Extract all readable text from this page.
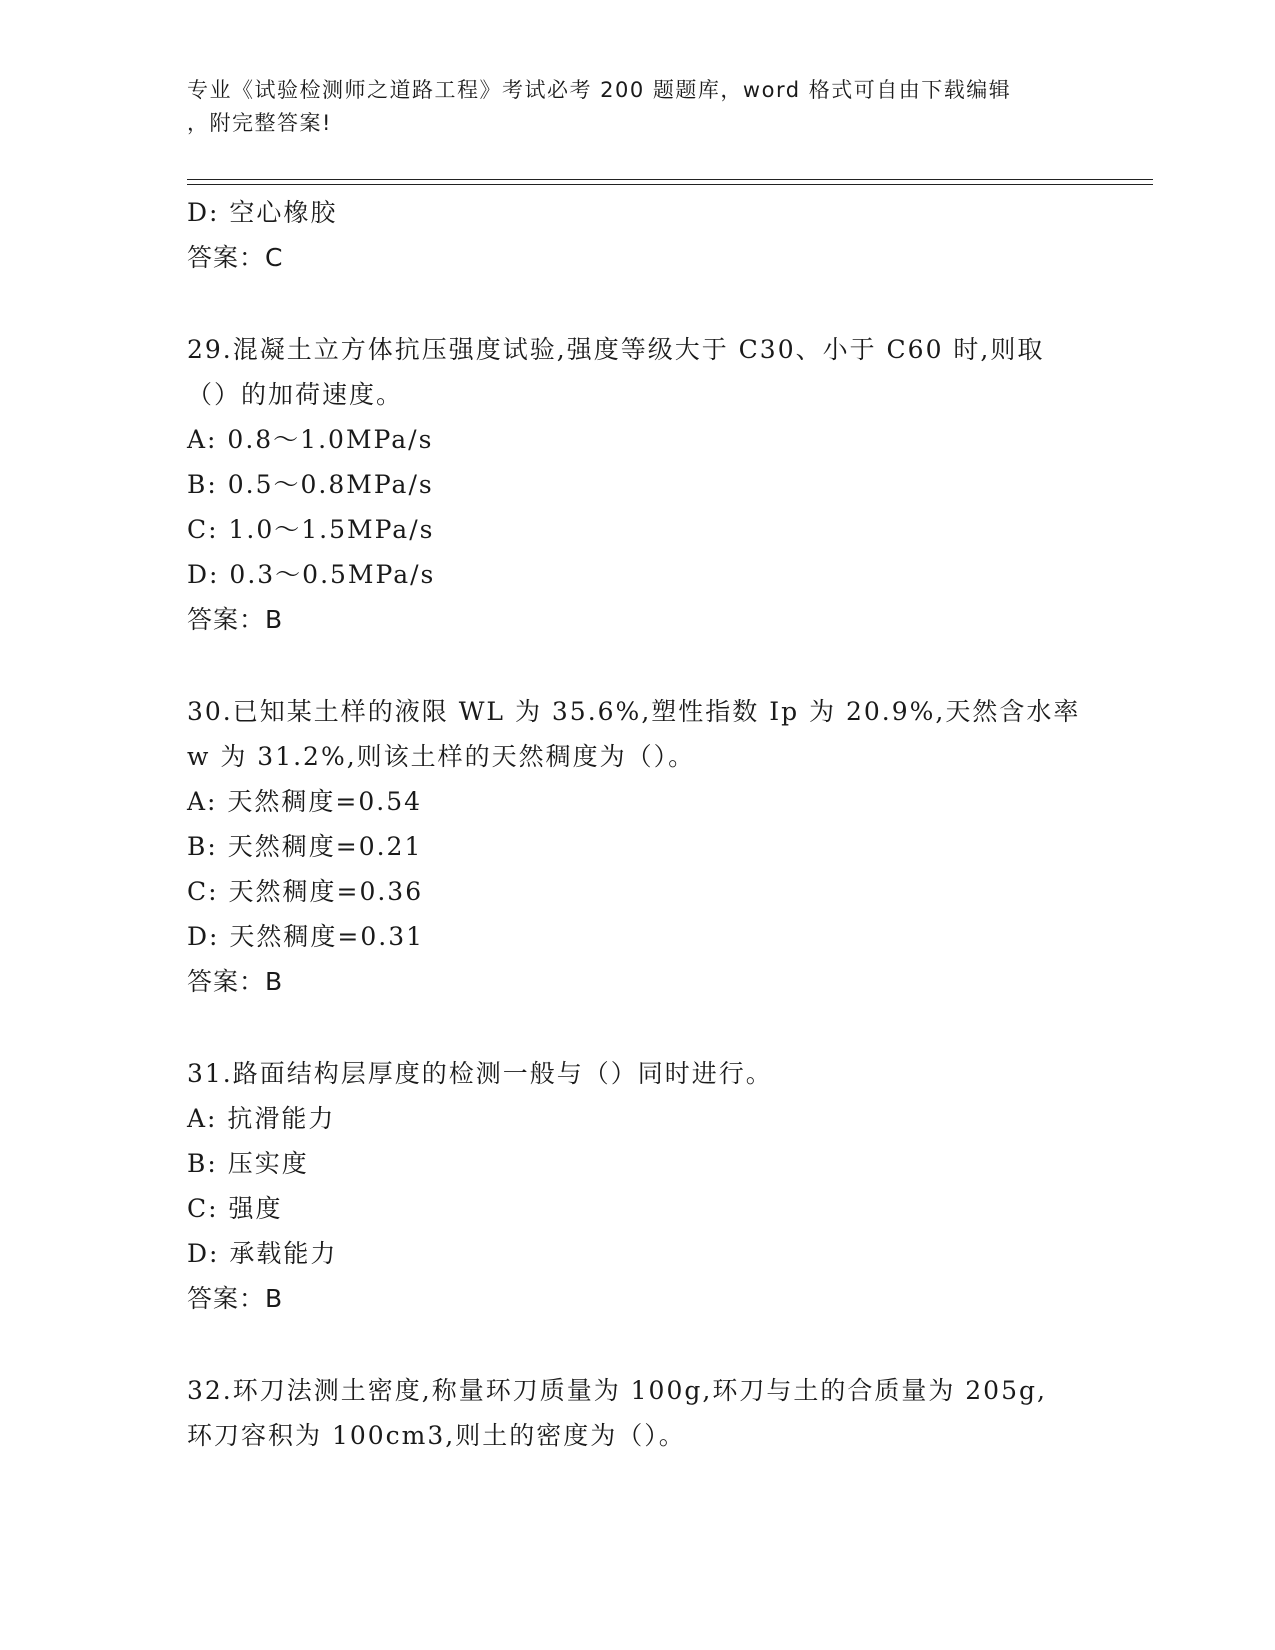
专业《试验检测师之道路工程》考试必考 200 题题库，word 格式可自由下载编辑
，附完整答案!
D: 空心橡胶
答案：C
29.混凝土立方体抗压强度试验,强度等级大于 C30、小于 C60 时,则取
（）的加荷速度。
A: 0.8～1.0MPa/s
B: 0.5～0.8MPa/s
C: 1.0～1.5MPa/s
D: 0.3～0.5MPa/s
答案：B
30.已知某土样的液限 WL 为 35.6%,塑性指数 Ip 为 20.9%,天然含水率
w 为 31.2%,则该土样的天然稠度为（）。
A: 天然稠度=0.54
B: 天然稠度=0.21
C: 天然稠度=0.36
D: 天然稠度=0.31
答案：B
31.路面结构层厚度的检测一般与（）同时进行。
A: 抗滑能力
B: 压实度
C: 强度
D: 承载能力
答案：B
32.环刀法测土密度,称量环刀质量为 100g,环刀与土的合质量为 205g,
环刀容积为 100cm3,则土的密度为（）。
